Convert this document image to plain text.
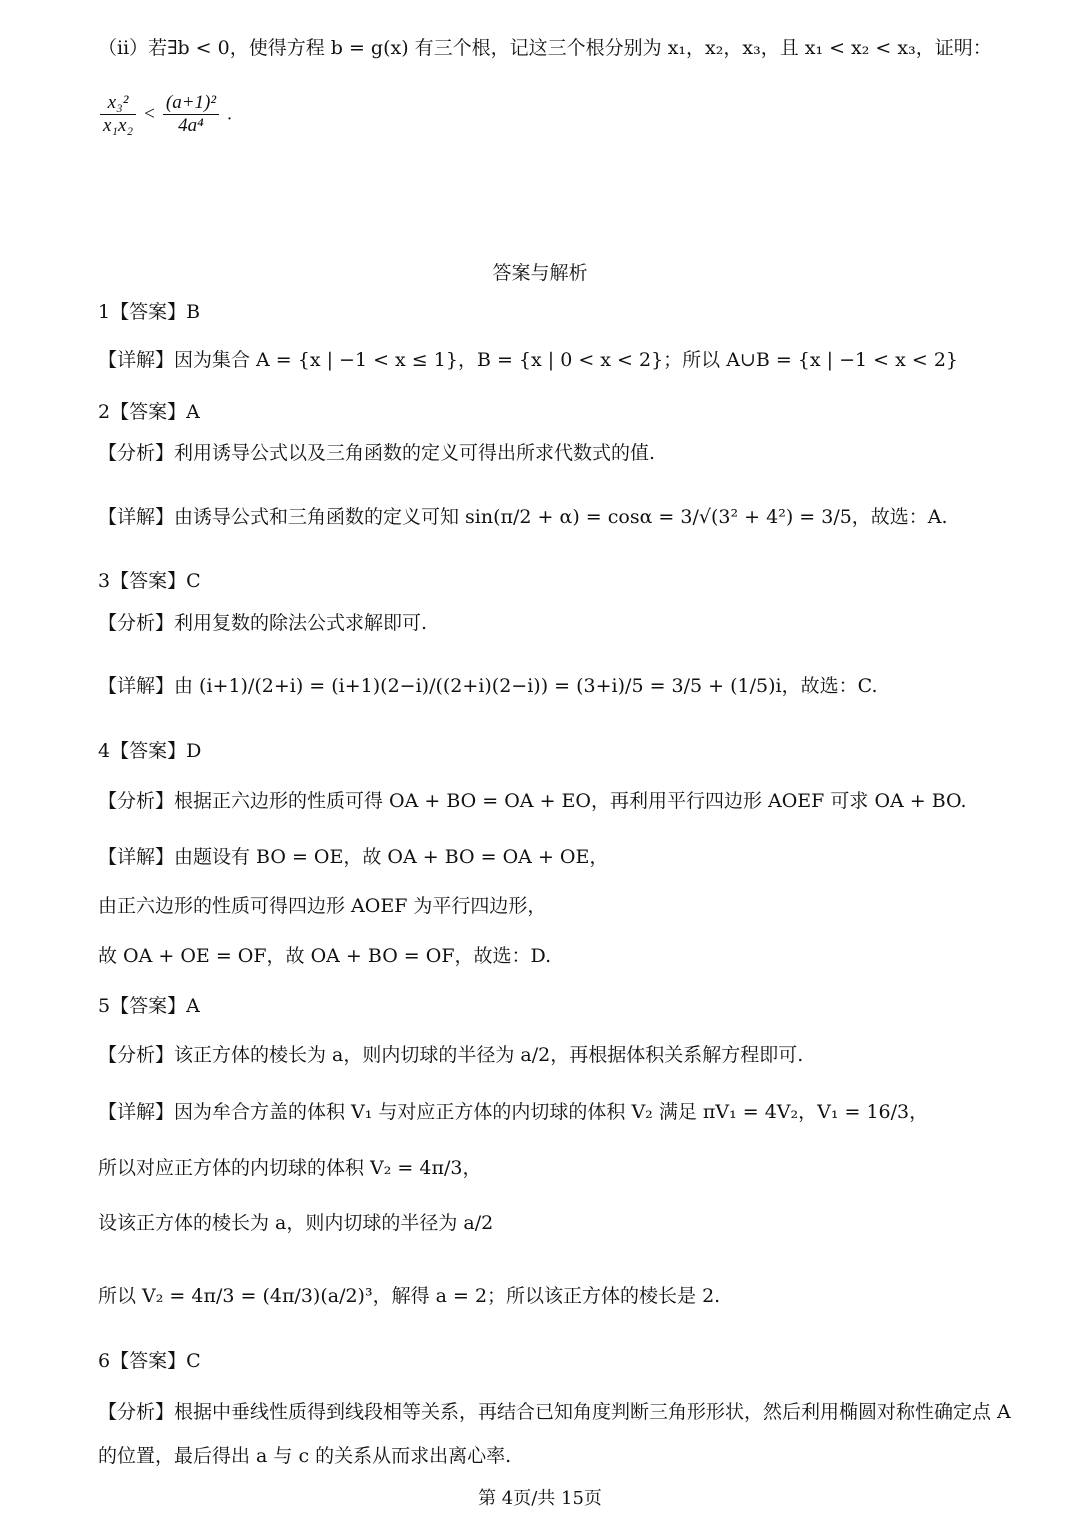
（ⅱ）若∃b < 0，使得方程 b = g(x) 有三个根，记这三个根分别为 x₁，x₂，x₃，且 x₁ < x₂ < x₃，证明：
$\frac{\text{x₃²}}{\text{x₁x₂}} < \frac{\text{(a+1)²}}{\text{4a⁴}}$ .
答案与解析
1【答案】B
【详解】因为集合 A = {x | −1 < x ≤ 1}，B = {x | 0 < x < 2}；所以 A∪B = {x | −1 < x < 2}
2【答案】A
【分析】利用诱导公式以及三角函数的定义可得出所求代数式的值.
【详解】由诱导公式和三角函数的定义可知 sin(π/2 + α) = cosα = 3/√(3² + 4²) = 3/5，故选：A.
3【答案】C
【分析】利用复数的除法公式求解即可.
【详解】由 (i+1)/(2+i) = (i+1)(2−i)/((2+i)(2−i)) = (3+i)/5 = 3/5 + (1/5)i，故选：C.
4【答案】D
【分析】根据正六边形的性质可得 OA + BO = OA + EO，再利用平行四边形 AOEF 可求 OA + BO.
【详解】由题设有 BO = OE，故 OA + BO = OA + OE，
由正六边形的性质可得四边形 AOEF 为平行四边形，
故 OA + OE = OF，故 OA + BO = OF，故选：D.
5【答案】A
【分析】该正方体的棱长为 a，则内切球的半径为 a/2，再根据体积关系解方程即可.
【详解】因为牟合方盖的体积 V₁ 与对应正方体的内切球的体积 V₂ 满足 πV₁ = 4V₂，V₁ = 16/3，
所以对应正方体的内切球的体积 V₂ = 4π/3，
设该正方体的棱长为 a，则内切球的半径为 a/2
所以 V₂ = 4π/3 = (4π/3)(a/2)³，解得 a = 2；所以该正方体的棱长是 2.
6【答案】C
【分析】根据中垂线性质得到线段相等关系，再结合已知角度判断三角形形状，然后利用椭圆对称性确定点 A 的位置，最后得出 a 与 c 的关系从而求出离心率.
第 4页/共 15页
